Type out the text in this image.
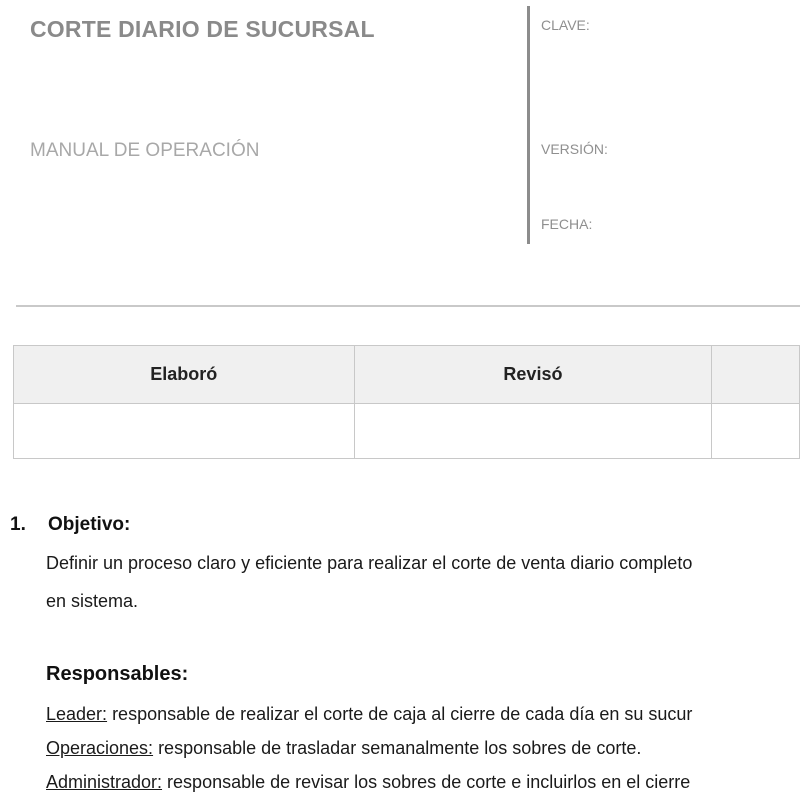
CORTE DIARIO DE SUCURSAL
MANUAL DE OPERACIÓN
CLAVE:
VERSIÓN:
FECHA:
Elaboró	Revisó	

1. Objetivo:
Definir un proceso claro y eficiente para realizar el corte de venta diario completo
en sistema.
Responsables:
Leader: responsable de realizar el corte de caja al cierre de cada día en su sucur
Operaciones: responsable de trasladar semanalmente los sobres de corte.
Administrador: responsable de revisar los sobres de corte e incluirlos en el cierre
